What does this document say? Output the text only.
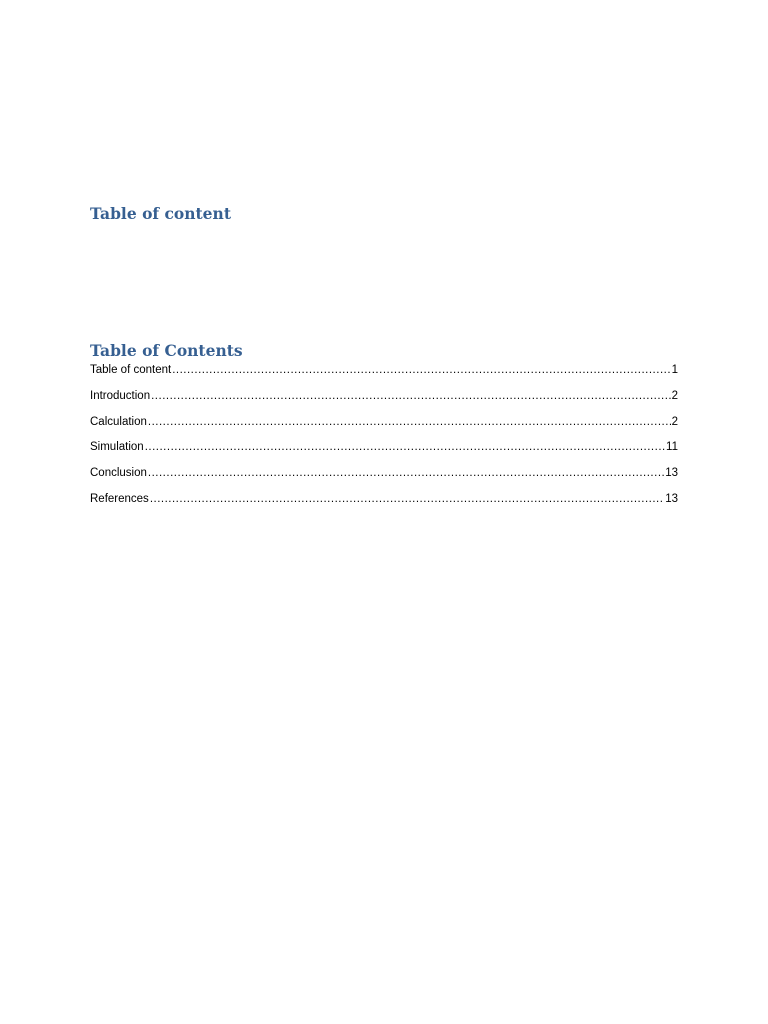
Table of content
Table of Contents
Table of content .....	1
Introduction .....	2
Calculation .....	2
Simulation .....	11
Conclusion .....	13
References .....	13
